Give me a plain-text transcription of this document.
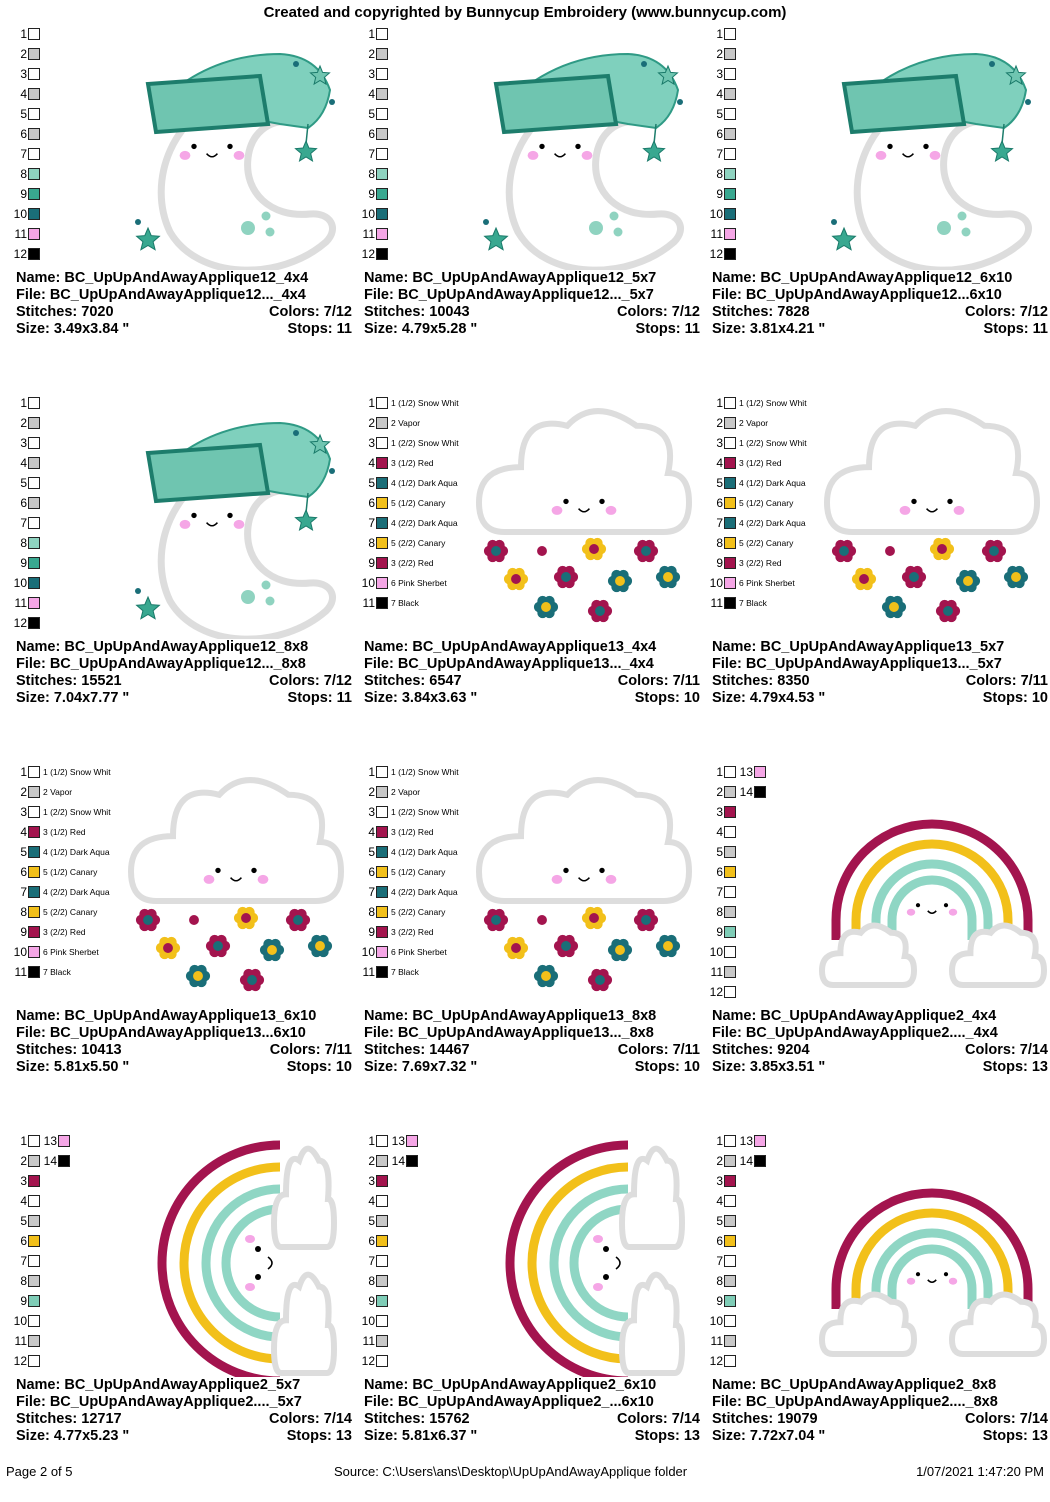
Created and copyrighted by Bunnycup Embroidery (www.bunnycup.com)
1
2
3
4
5
6
7
8
9
10
11
12
Name: BC_UpUpAndAwayApplique12_4x4
File: BC_UpUpAndAwayApplique12..._4x4
Stitches: 7020	Colors: 7/12
Size: 3.49x3.84 "	Stops: 11
1
2
3
4
5
6
7
8
9
10
11
12
Name: BC_UpUpAndAwayApplique12_5x7
File: BC_UpUpAndAwayApplique12..._5x7
Stitches: 10043	Colors: 7/12
Size: 4.79x5.28 "	Stops: 11
1
2
3
4
5
6
7
8
9
10
11
12
Name: BC_UpUpAndAwayApplique12_6x10
File: BC_UpUpAndAwayApplique12...6x10
Stitches: 7828	Colors: 7/12
Size: 3.81x4.21 "	Stops: 11
1
2
3
4
5
6
7
8
9
10
11
12
Name: BC_UpUpAndAwayApplique12_8x8
File: BC_UpUpAndAwayApplique12..._8x8
Stitches: 15521	Colors: 7/12
Size: 7.04x7.77 "	Stops: 11
1 1 (1/2) Snow Whit
2 2 Vapor
3 1 (2/2) Snow Whit
4 3 (1/2) Red
5 4 (1/2) Dark Aqua
6 5 (1/2) Canary
7 4 (2/2) Dark Aqua
8 5 (2/2) Canary
9 3 (2/2) Red
10 6 Pink Sherbet
11 7 Black
Name: BC_UpUpAndAwayApplique13_4x4
File: BC_UpUpAndAwayApplique13..._4x4
Stitches: 6547	Colors: 7/11
Size: 3.84x3.63 "	Stops: 10
1 1 (1/2) Snow Whit
2 2 Vapor
3 1 (2/2) Snow Whit
4 3 (1/2) Red
5 4 (1/2) Dark Aqua
6 5 (1/2) Canary
7 4 (2/2) Dark Aqua
8 5 (2/2) Canary
9 3 (2/2) Red
10 6 Pink Sherbet
11 7 Black
Name: BC_UpUpAndAwayApplique13_5x7
File: BC_UpUpAndAwayApplique13..._5x7
Stitches: 8350	Colors: 7/11
Size: 4.79x4.53 "	Stops: 10
1 1 (1/2) Snow Whit
2 2 Vapor
3 1 (2/2) Snow Whit
4 3 (1/2) Red
5 4 (1/2) Dark Aqua
6 5 (1/2) Canary
7 4 (2/2) Dark Aqua
8 5 (2/2) Canary
9 3 (2/2) Red
10 6 Pink Sherbet
11 7 Black
Name: BC_UpUpAndAwayApplique13_6x10
File: BC_UpUpAndAwayApplique13...6x10
Stitches: 10413	Colors: 7/11
Size: 5.81x5.50 "	Stops: 10
1 1 (1/2) Snow Whit
2 2 Vapor
3 1 (2/2) Snow Whit
4 3 (1/2) Red
5 4 (1/2) Dark Aqua
6 5 (1/2) Canary
7 4 (2/2) Dark Aqua
8 5 (2/2) Canary
9 3 (2/2) Red
10 6 Pink Sherbet
11 7 Black
Name: BC_UpUpAndAwayApplique13_8x8
File: BC_UpUpAndAwayApplique13..._8x8
Stitches: 14467	Colors: 7/11
Size: 7.69x7.32 "	Stops: 10
1
2
3
4
5
6
7
8
9
10
11
12
13
14
Name: BC_UpUpAndAwayApplique2_4x4
File: BC_UpUpAndAwayApplique2...._4x4
Stitches: 9204	Colors: 7/14
Size: 3.85x3.51 "	Stops: 13
1
2
3
4
5
6
7
8
9
10
11
12
13
14
Name: BC_UpUpAndAwayApplique2_5x7
File: BC_UpUpAndAwayApplique2...._5x7
Stitches: 12717	Colors: 7/14
Size: 4.77x5.23 "	Stops: 13
1
2
3
4
5
6
7
8
9
10
11
12
13
14
Name: BC_UpUpAndAwayApplique2_6x10
File: BC_UpUpAndAwayApplique2_...6x10
Stitches: 15762	Colors: 7/14
Size: 5.81x6.37 "	Stops: 13
1
2
3
4
5
6
7
8
9
10
11
12
13
14
Name: BC_UpUpAndAwayApplique2_8x8
File: BC_UpUpAndAwayApplique2...._8x8
Stitches: 19079	Colors: 7/14
Size: 7.72x7.04 "	Stops: 13
Page 2 of 5	Source: C:\Users\ans\Desktop\UpUpAndAwayApplique folder	1/07/2021 1:47:20 PM
